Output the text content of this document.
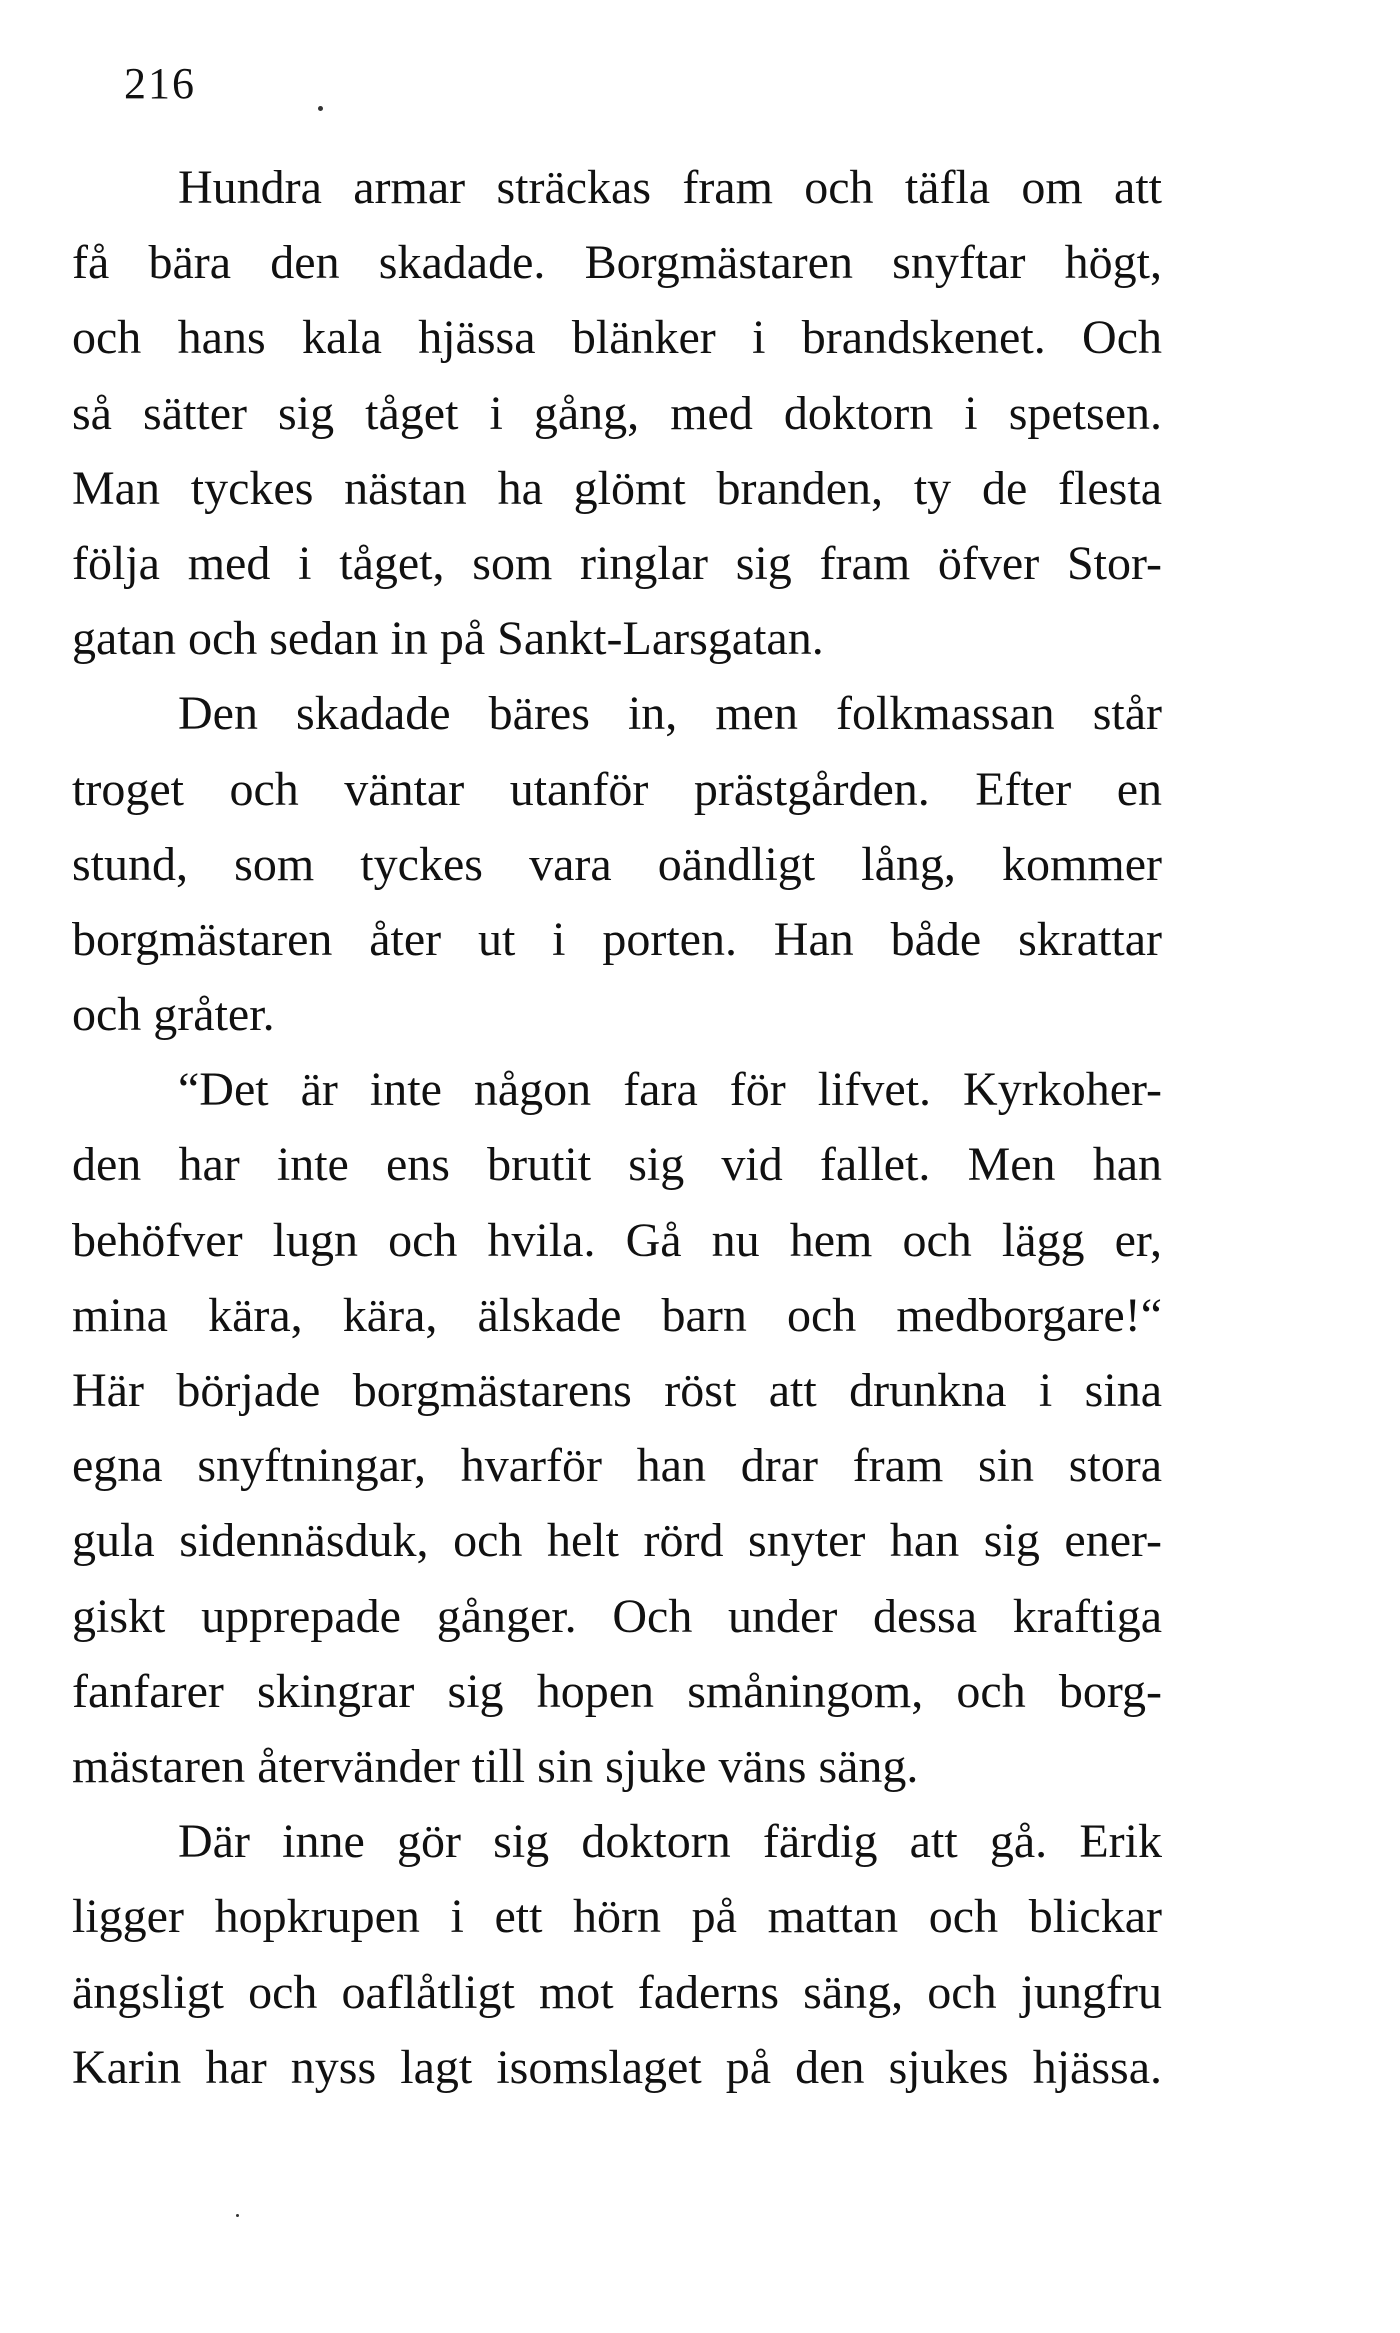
216
Hundra armar sträckas fram och täfla om att
få bära den skadade. Borgmästaren snyftar högt,
och hans kala hjässa blänker i brandskenet. Och
så sätter sig tåget i gång, med doktorn i spetsen.
Man tyckes nästan ha glömt branden, ty de flesta
följa med i tåget, som ringlar sig fram öfver Stor-
gatan och sedan in på Sankt-Larsgatan.
Den skadade bäres in, men folkmassan står
troget och väntar utanför prästgården. Efter en
stund, som tyckes vara oändligt lång, kommer
borgmästaren åter ut i porten. Han både skrattar
och gråter.
“Det är inte någon fara för lifvet. Kyrkoher-
den har inte ens brutit sig vid fallet. Men han
behöfver lugn och hvila. Gå nu hem och lägg er,
mina kära, kära, älskade barn och medborgare!“
Här började borgmästarens röst att drunkna i sina
egna snyftningar, hvarför han drar fram sin stora
gula sidennäsduk, och helt rörd snyter han sig ener-
giskt upprepade gånger. Och under dessa kraftiga
fanfarer skingrar sig hopen småningom, och borg-
mästaren återvänder till sin sjuke väns säng.
Där inne gör sig doktorn färdig att gå. Erik
ligger hopkrupen i ett hörn på mattan och blickar
ängsligt och oaflåtligt mot faderns säng, och jungfru
Karin har nyss lagt isomslaget på den sjukes hjässa.
